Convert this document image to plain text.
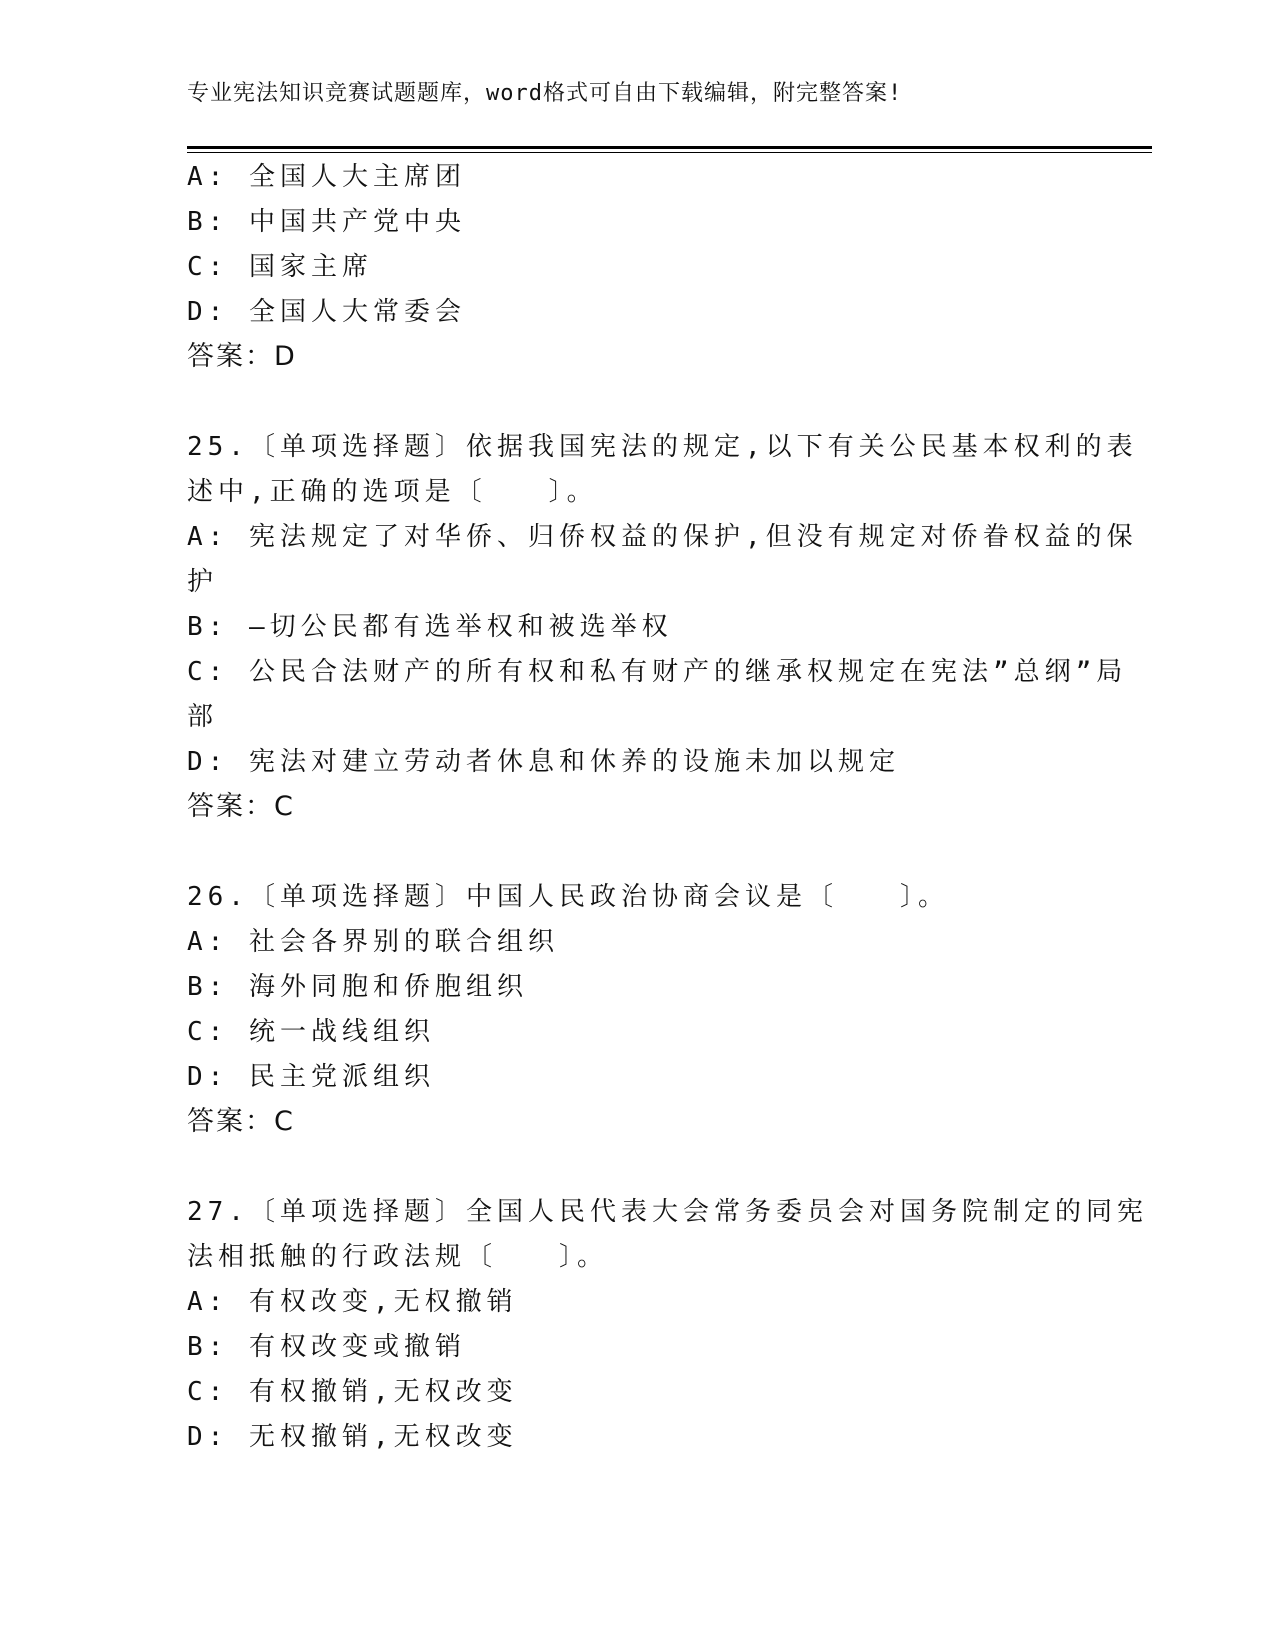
专业宪法知识竞赛试题题库，word格式可自由下载编辑，附完整答案!
A: 全国人大主席团
B: 中国共产党中央
C: 国家主席
D: 全国人大常委会
答案：D
25.〔单项选择题〕依据我国宪法的规定,以下有关公民基本权利的表
述中,正确的选项是〔　　〕。
A: 宪法规定了对华侨、归侨权益的保护,但没有规定对侨眷权益的保
护
B: —切公民都有选举权和被选举权
C: 公民合法财产的所有权和私有财产的继承权规定在宪法”总纲”局
部
D: 宪法对建立劳动者休息和休养的设施未加以规定
答案：C
26.〔单项选择题〕中国人民政治协商会议是〔　　〕。
A: 社会各界别的联合组织
B: 海外同胞和侨胞组织
C: 统一战线组织
D: 民主党派组织
答案：C
27.〔单项选择题〕全国人民代表大会常务委员会对国务院制定的同宪
法相抵触的行政法规〔　　〕。
A: 有权改变,无权撤销
B: 有权改变或撤销
C: 有权撤销,无权改变
D: 无权撤销,无权改变
